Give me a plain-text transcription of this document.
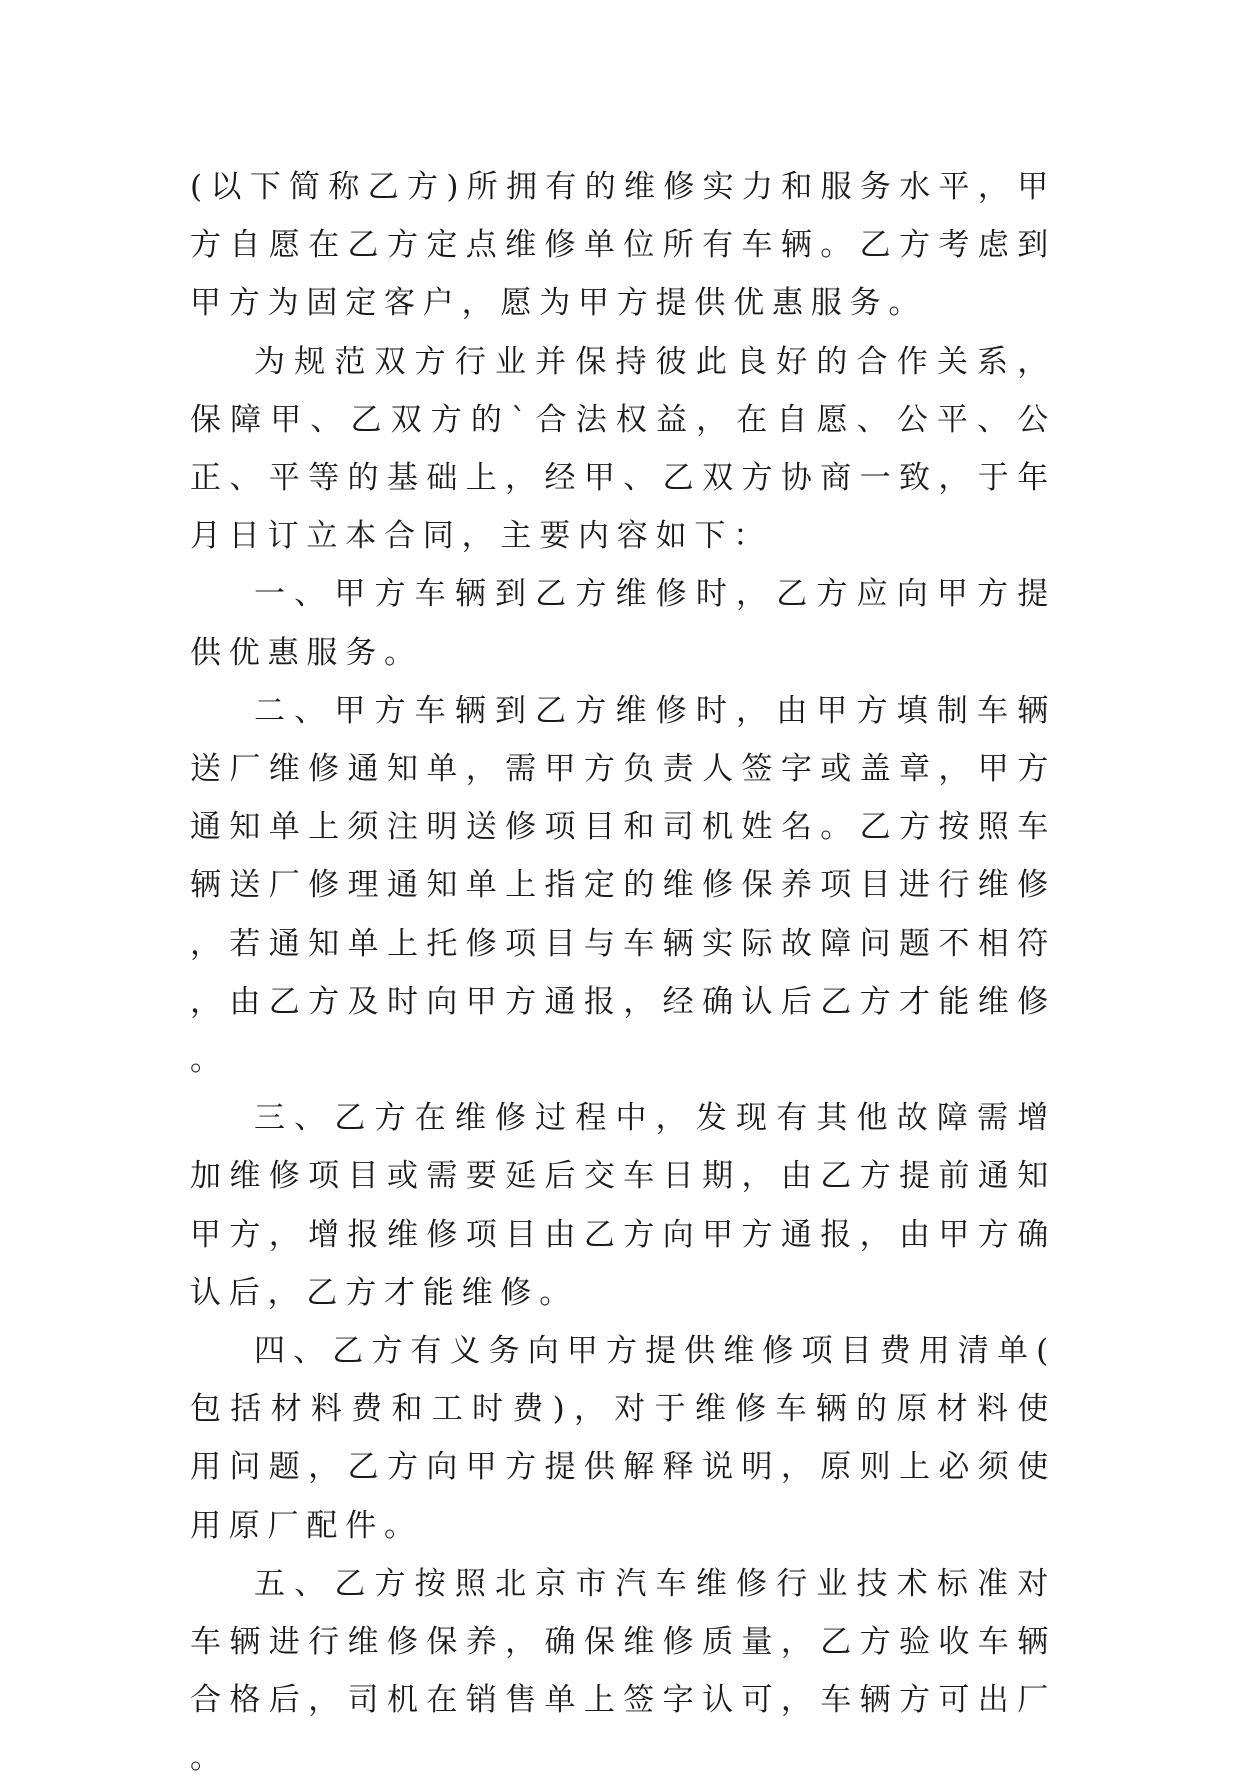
(以下简称乙方)所拥有的维修实力和服务水平，甲方自愿在乙方定点维修单位所有车辆。乙方考虑到甲方为固定客户，愿为甲方提供优惠服务。

为规范双方行业并保持彼此良好的合作关系，保障甲、乙双方的`合法权益，在自愿、公平、公正、平等的基础上，经甲、乙双方协商一致，于年月日订立本合同，主要内容如下：

一、甲方车辆到乙方维修时，乙方应向甲方提供优惠服务。

二、甲方车辆到乙方维修时，由甲方填制车辆送厂维修通知单，需甲方负责人签字或盖章，甲方通知单上须注明送修项目和司机姓名。乙方按照车辆送厂修理通知单上指定的维修保养项目进行维修，若通知单上托修项目与车辆实际故障问题不相符，由乙方及时向甲方通报，经确认后乙方才能维修。

三、乙方在维修过程中，发现有其他故障需增加维修项目或需要延后交车日期，由乙方提前通知甲方，增报维修项目由乙方向甲方通报，由甲方确认后，乙方才能维修。

四、乙方有义务向甲方提供维修项目费用清单(包括材料费和工时费)，对于维修车辆的原材料使用问题，乙方向甲方提供解释说明，原则上必须使用原厂配件。

五、乙方按照北京市汽车维修行业技术标准对车辆进行维修保养，确保维修质量，乙方验收车辆合格后，司机在销售单上签字认可，车辆方可出厂。
